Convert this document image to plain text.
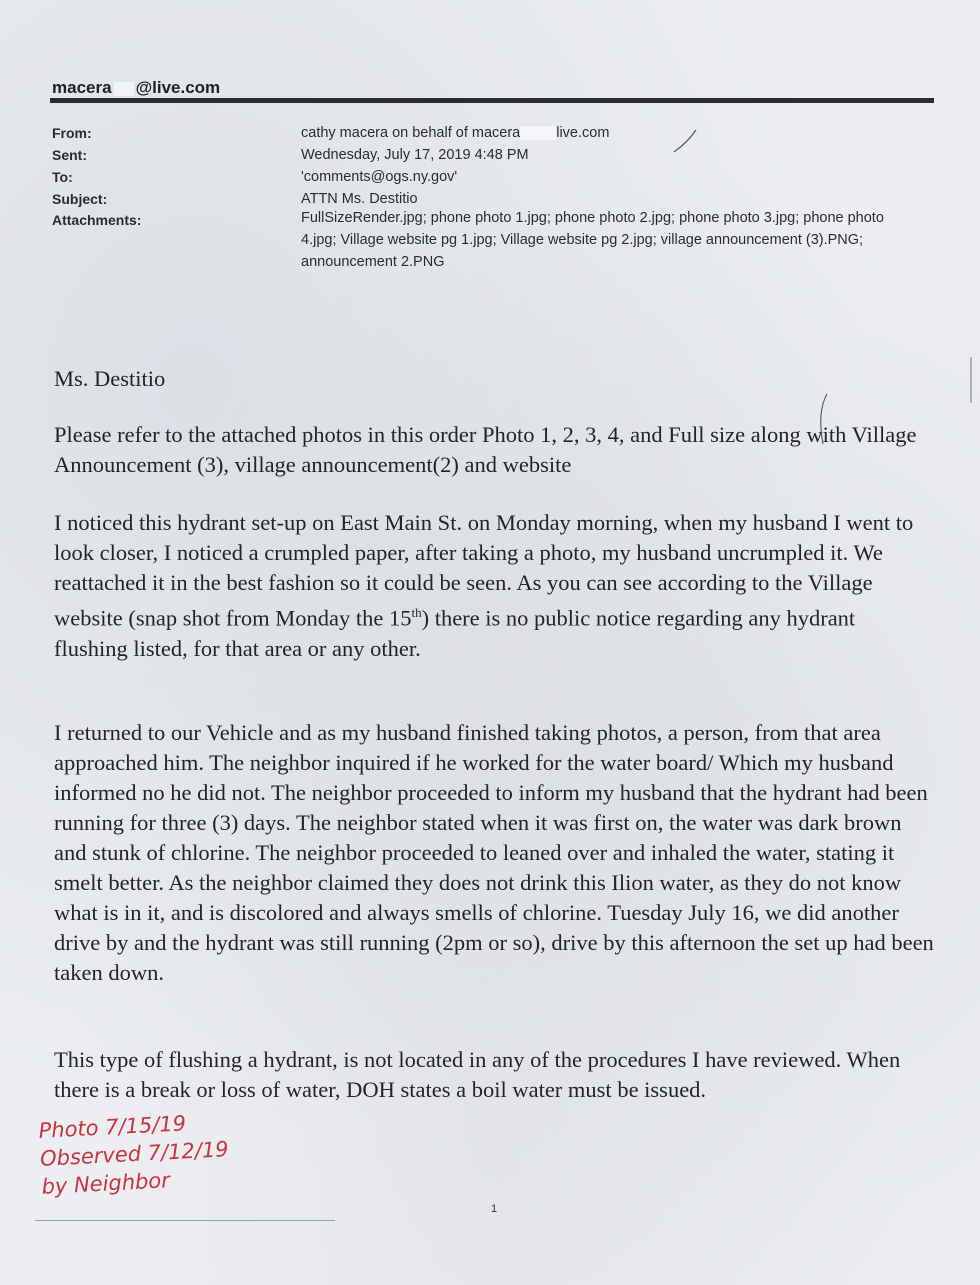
macera @live.com
From:	cathy macera on behalf of macera live.com
Sent:	Wednesday, July 17, 2019 4:48 PM
To:	'comments@ogs.ny.gov'
Subject:	ATTN Ms. Destitio
Attachments:	FullSizeRender.jpg; phone photo 1.jpg; phone photo 2.jpg; phone photo 3.jpg; phone photo 4.jpg; Village website pg 1.jpg; Village website pg 2.jpg; village announcement (3).PNG; announcement 2.PNG
Ms. Destitio
Please refer to the attached photos in this order Photo 1, 2, 3, 4, and Full size along with Village Announcement (3), village announcement(2) and website
I noticed this hydrant set-up on East Main St. on Monday morning, when my husband I went to look closer, I noticed a crumpled paper, after taking a photo, my husband uncrumpled it. We reattached it in the best fashion so it could be seen. As you can see according to the Village website (snap shot from Monday the 15th) there is no public notice regarding any hydrant flushing listed, for that area or any other.
I returned to our Vehicle and as my husband finished taking photos, a person, from that area approached him. The neighbor inquired if he worked for the water board/ Which my husband informed no he did not. The neighbor proceeded to inform my husband that the hydrant had been running for three (3) days. The neighbor stated when it was first on, the water was dark brown and stunk of chlorine. The neighbor proceeded to leaned over and inhaled the water, stating it smelt better. As the neighbor claimed they does not drink this Ilion water, as they do not know what is in it, and is discolored and always smells of chlorine. Tuesday July 16, we did another drive by and the hydrant was still running (2pm or so), drive by this afternoon the set up had been taken down.
This type of flushing a hydrant, is not located in any of the procedures I have reviewed. When there is a break or loss of water, DOH states a boil water must be issued.
Photo 7/15/19
Observed 7/12/19
by Neighbor
1
